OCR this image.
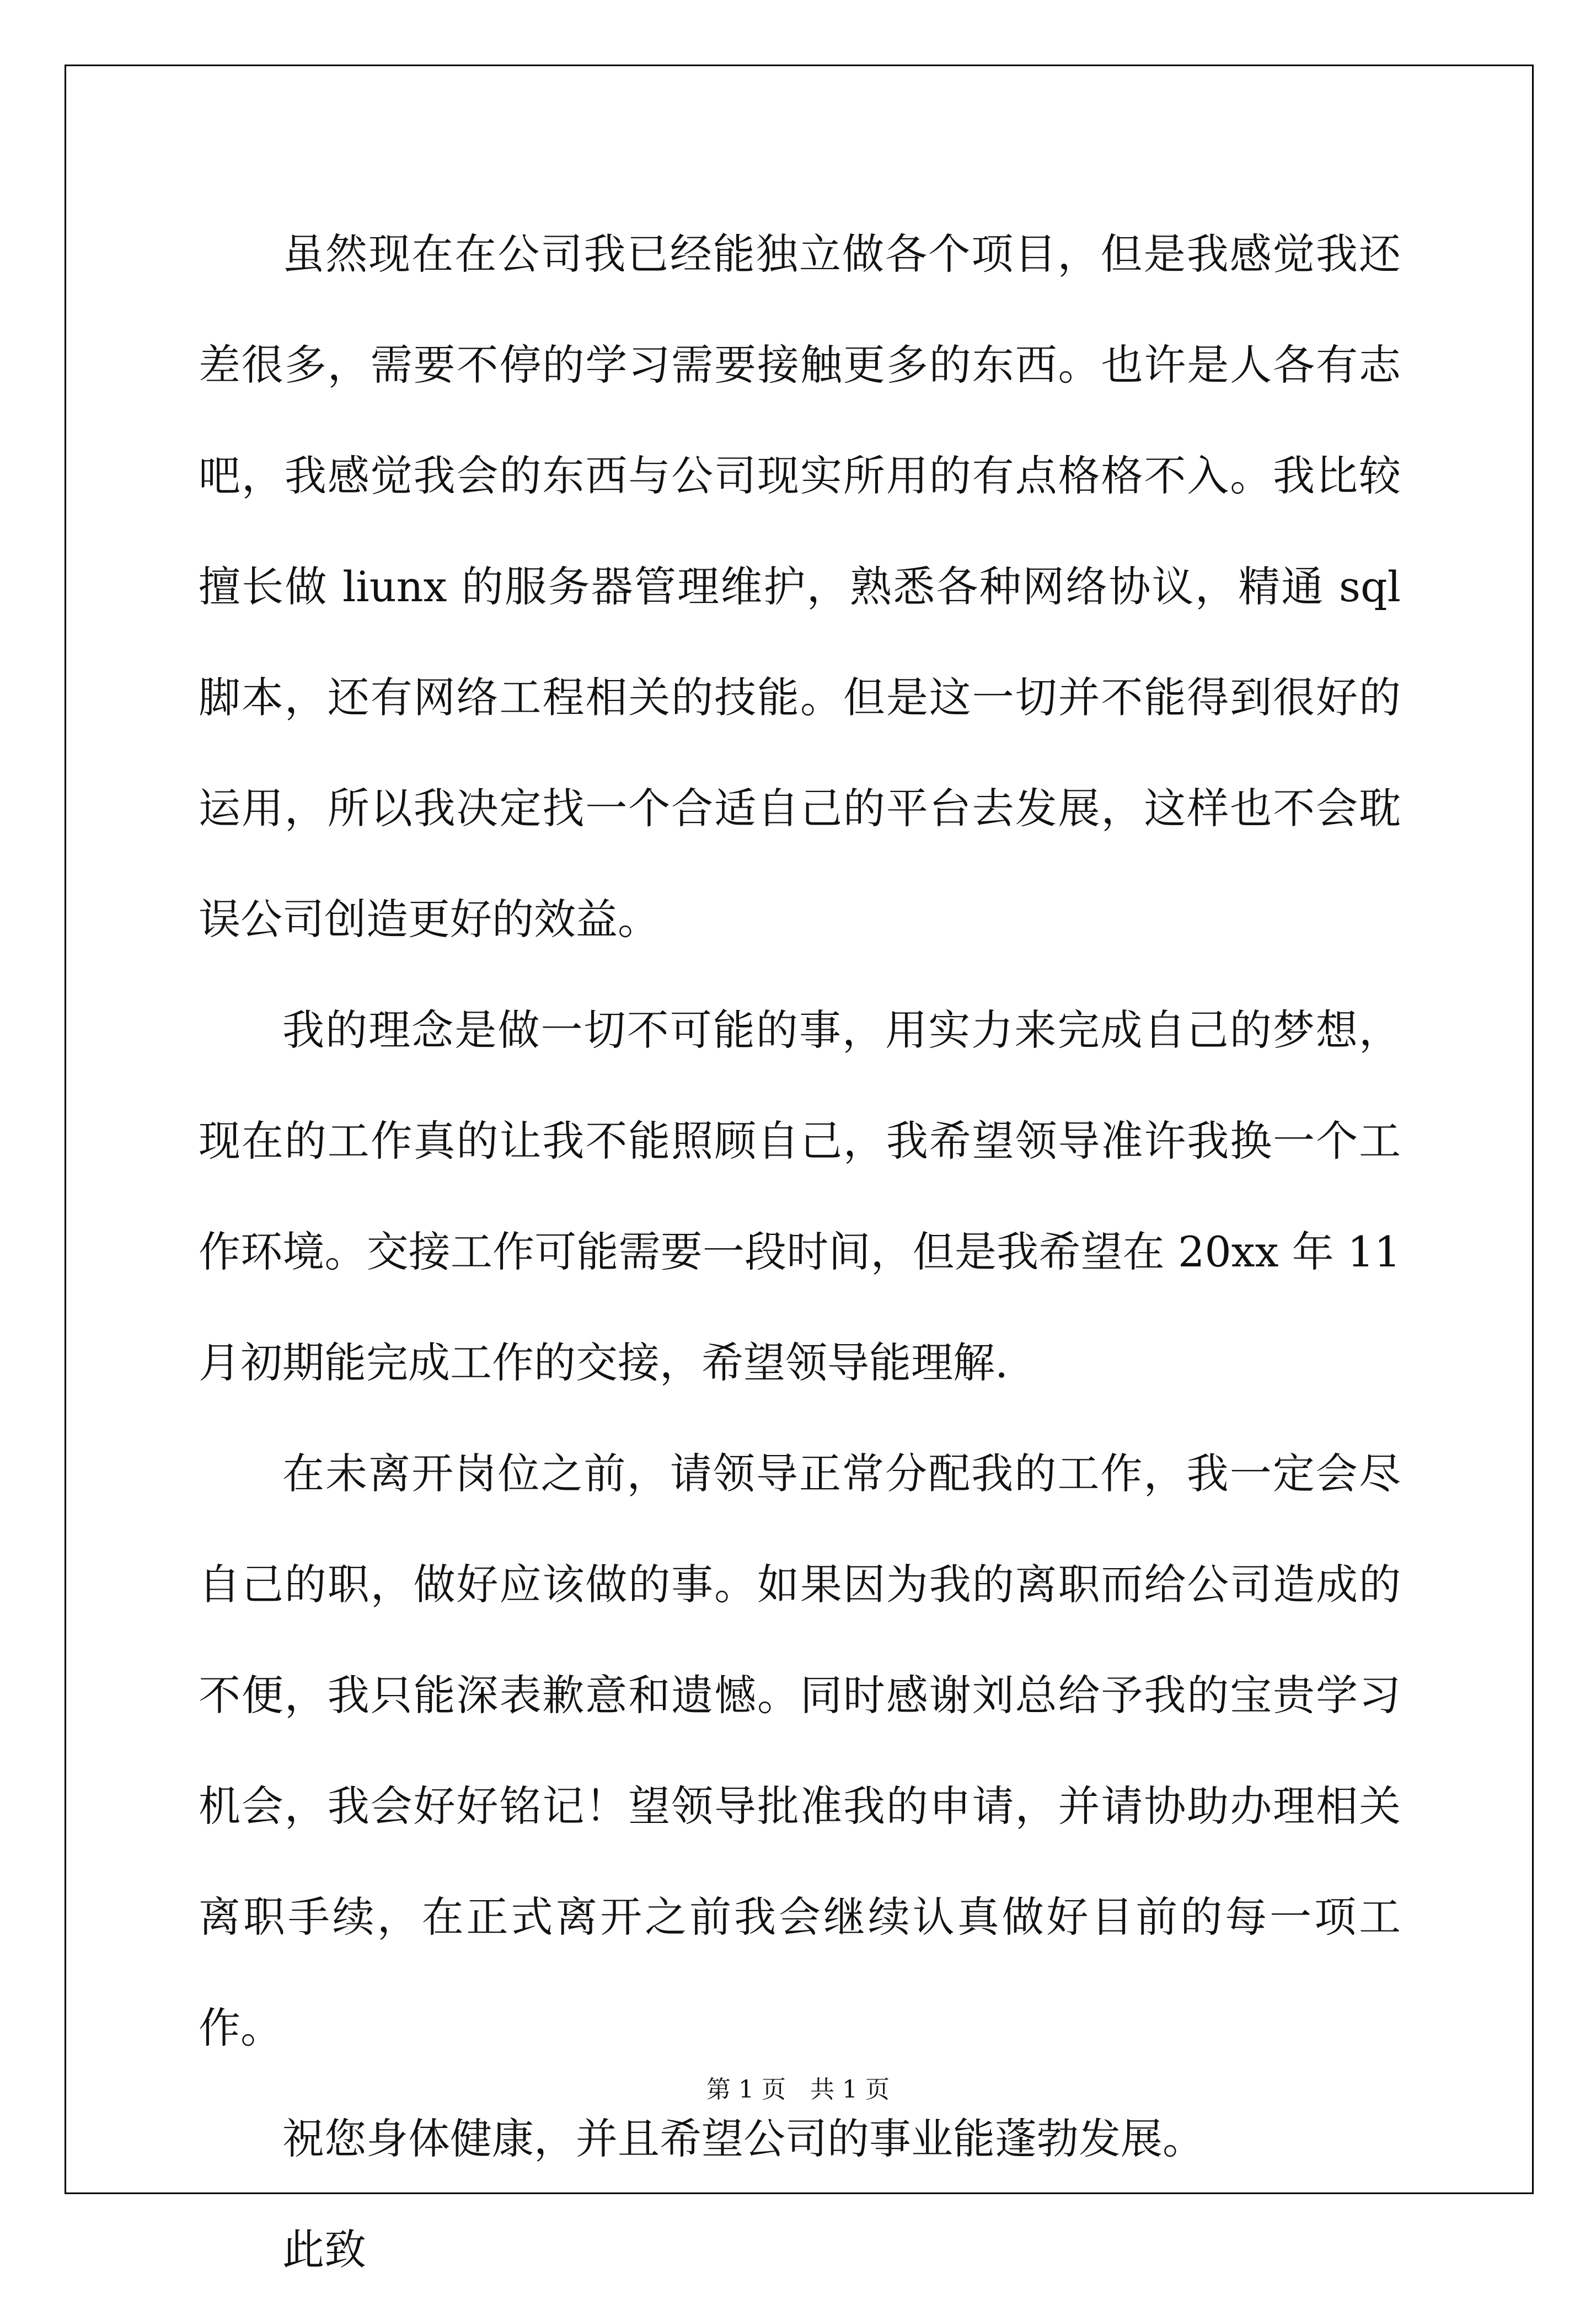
虽然现在在公司我已经能独立做各个项目，但是我感觉我还差很多，需要不停的学习需要接触更多的东西。也许是人各有志吧，我感觉我会的东西与公司现实所用的有点格格不入。我比较擅长做 liunx 的服务器管理维护，熟悉各种网络协议，精通 sql 脚本，还有网络工程相关的技能。但是这一切并不能得到很好的运用，所以我决定找一个合适自己的平台去发展，这样也不会耽误公司创造更好的效益。

我的理念是做一切不可能的事，用实力来完成自己的梦想，现在的工作真的让我不能照顾自己，我希望领导准许我换一个工作环境。交接工作可能需要一段时间，但是我希望在 20xx 年 11 月初期能完成工作的交接，希望领导能理解.

在未离开岗位之前，请领导正常分配我的工作，我一定会尽自己的职，做好应该做的事。如果因为我的离职而给公司造成的不便，我只能深表歉意和遗憾。同时感谢刘总给予我的宝贵学习机会，我会好好铭记！望领导批准我的申请，并请协助办理相关离职手续，在正式离开之前我会继续认真做好目前的每一项工作。

祝您身体健康，并且希望公司的事业能蓬勃发展。

此致

第 1 页　共 1 页
